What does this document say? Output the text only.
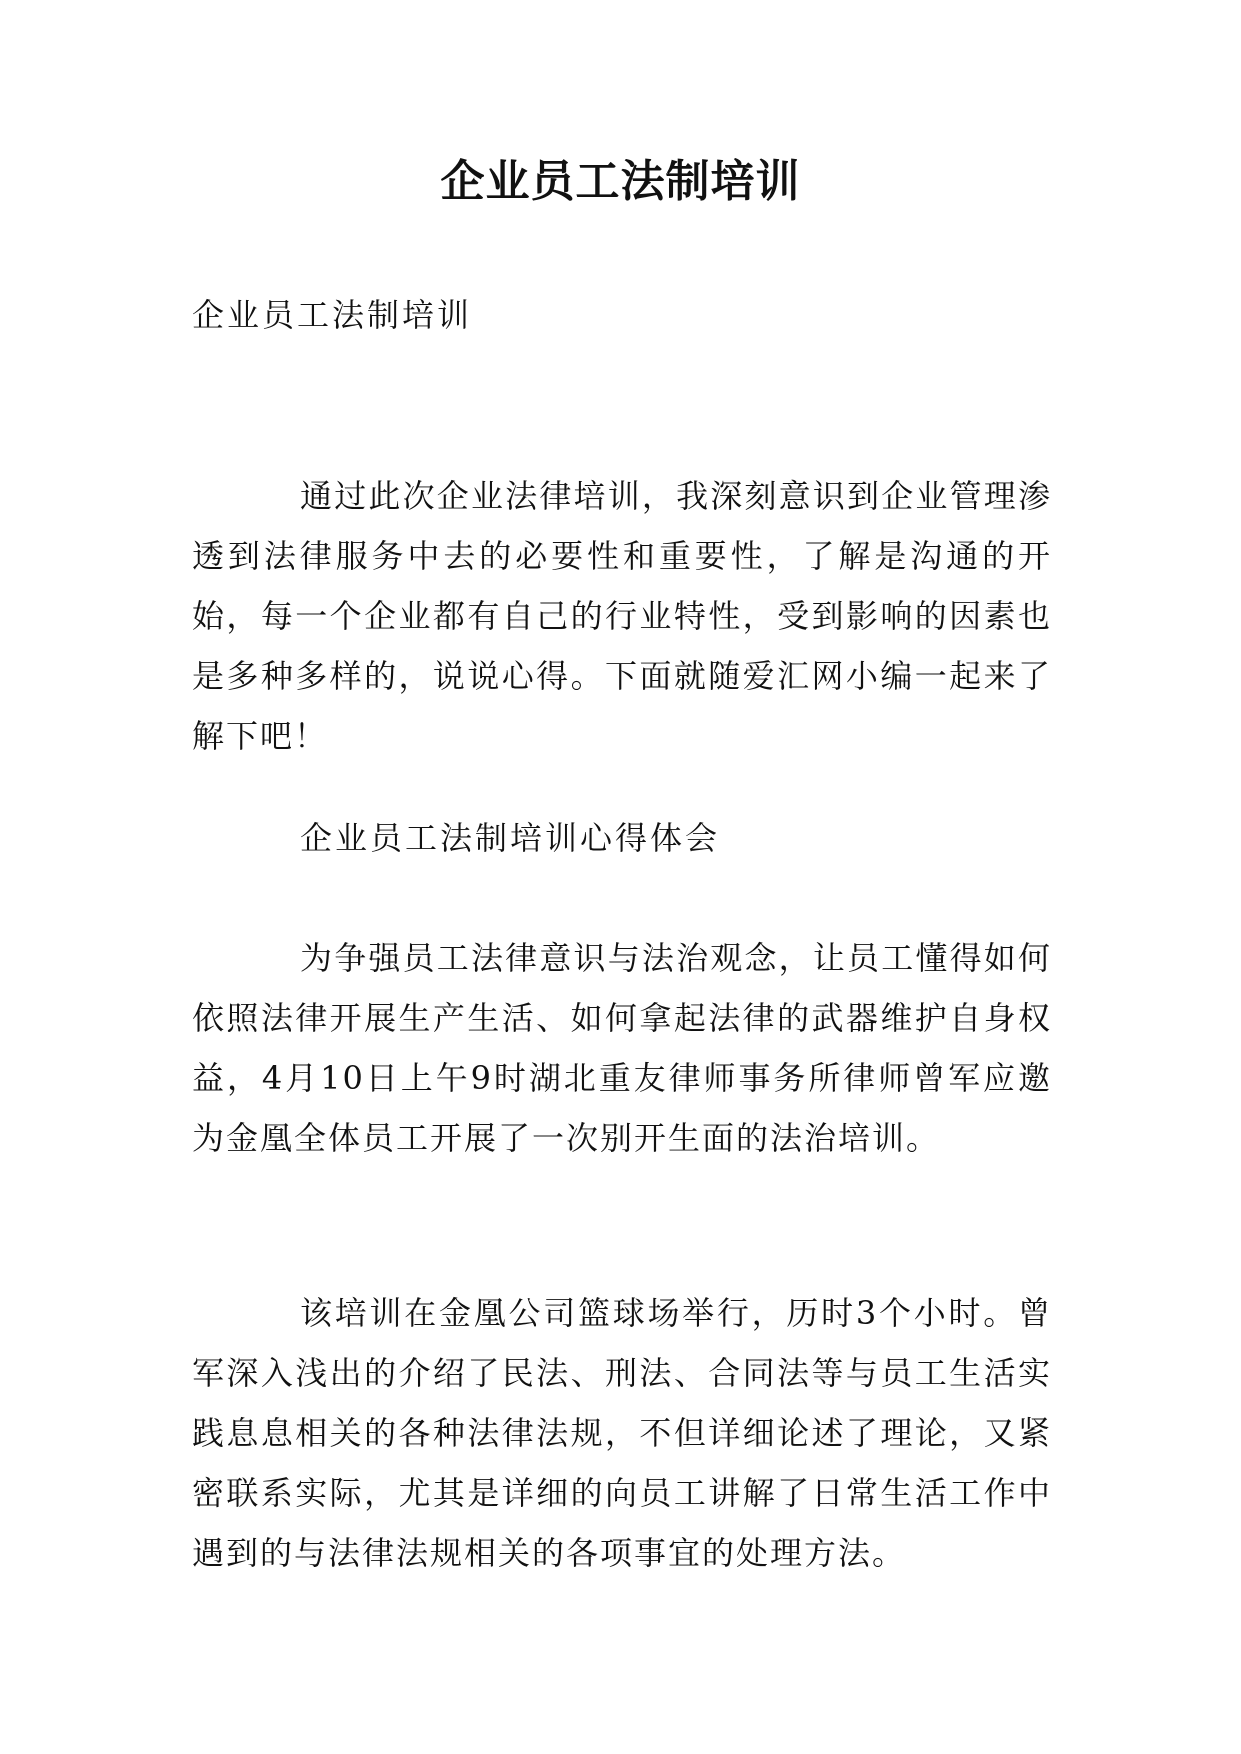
企业员工法制培训
企业员工法制培训

通过此次企业法律培训，我深刻意识到企业管理渗透到法律服务中去的必要性和重要性，了解是沟通的开始，每一个企业都有自己的行业特性，受到影响的因素也是多种多样的，说说心得。下面就随爱汇网小编一起来了解下吧！

企业员工法制培训心得体会

为争强员工法律意识与法治观念，让员工懂得如何依照法律开展生产生活、如何拿起法律的武器维护自身权益，4月10日上午9时湖北重友律师事务所律师曾军应邀为金凰全体员工开展了一次别开生面的法治培训。

该培训在金凰公司篮球场举行，历时3个小时。曾军深入浅出的介绍了民法、刑法、合同法等与员工生活实践息息相关的各种法律法规，不但详细论述了理论，又紧密联系实际，尤其是详细的向员工讲解了日常生活工作中遇到的与法律法规相关的各项事宜的处理方法。
